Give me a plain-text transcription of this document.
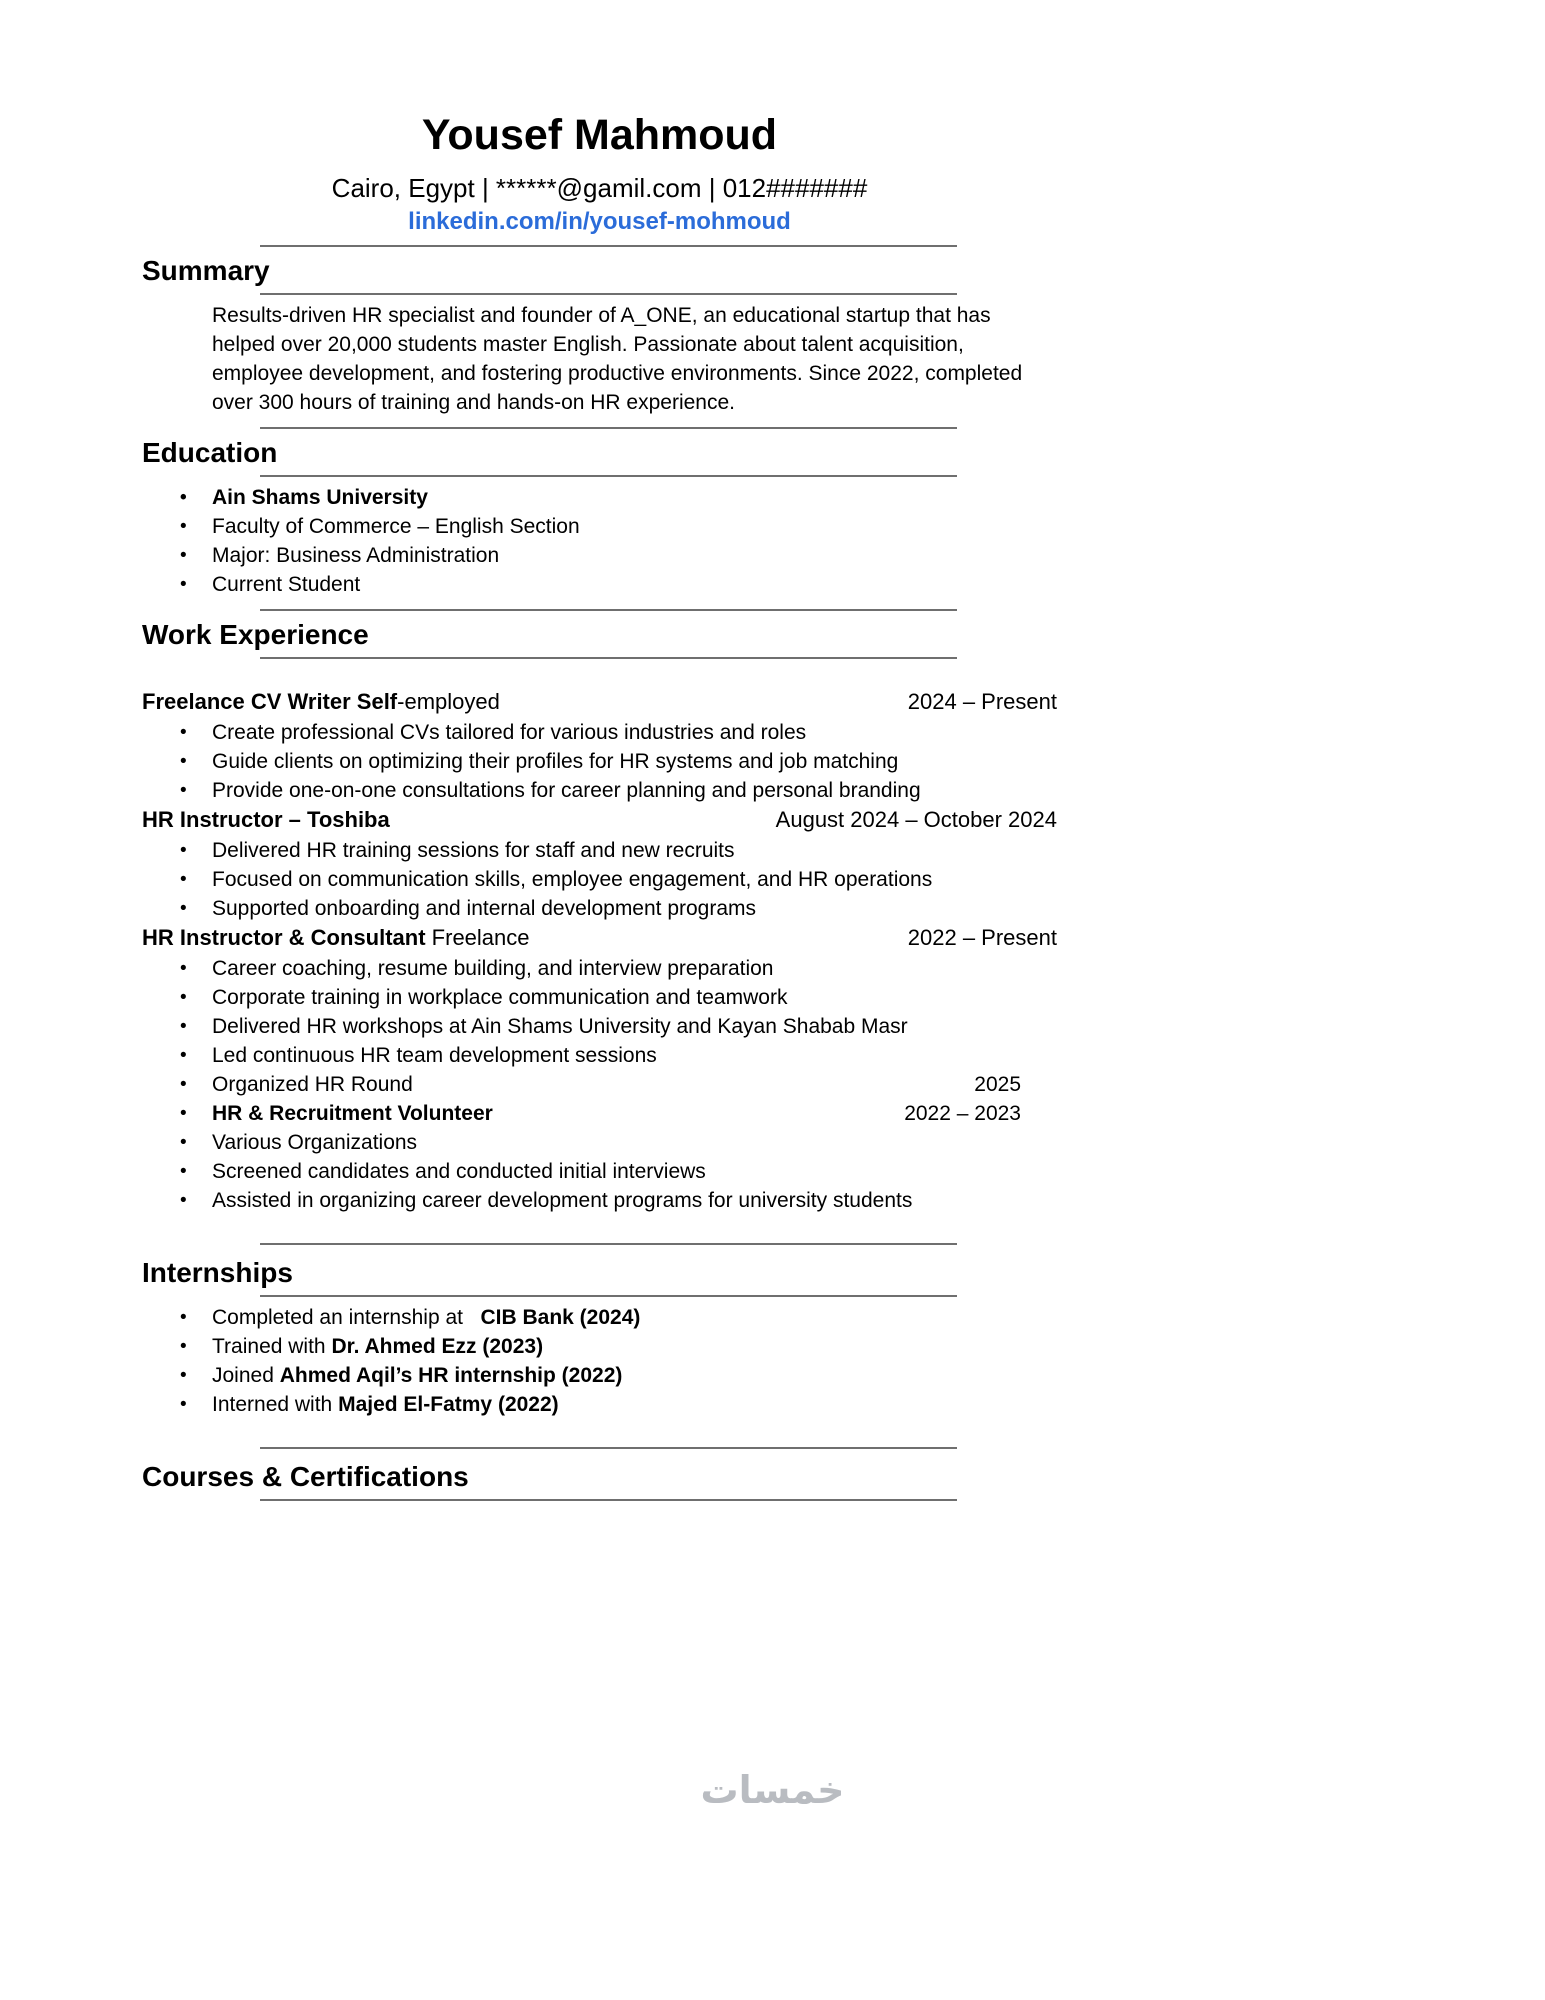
Yousef Mahmoud
Cairo, Egypt | ******@gamil.com | 012#######
linkedin.com/in/yousef-mohmoud
Summary

Results-driven HR specialist and founder of A_ONE, an educational startup that has helped over 20,000 students master English. Passionate about talent acquisition, employee development, and fostering productive environments. Since 2022, completed over 300 hours of training and hands-on HR experience.

Education
• Ain Shams University
• Faculty of Commerce – English Section
• Major: Business Administration
• Current Student
Work Experience
Freelance CV Writer Self-employed	2024 – Present
• Create professional CVs tailored for various industries and roles
• Guide clients on optimizing their profiles for HR systems and job matching
• Provide one-on-one consultations for career planning and personal branding
HR Instructor – Toshiba	August 2024 – October 2024
• Delivered HR training sessions for staff and new recruits
• Focused on communication skills, employee engagement, and HR operations
• Supported onboarding and internal development programs
HR Instructor & Consultant Freelance	2022 – Present
• Career coaching, resume building, and interview preparation
• Corporate training in workplace communication and teamwork
• Delivered HR workshops at Ain Shams University and Kayan Shabab Masr
• Led continuous HR team development sessions
• Organized HR Round	2025
• HR & Recruitment Volunteer	2022 – 2023
• Various Organizations
• Screened candidates and conducted initial interviews
• Assisted in organizing career development programs for university students
Internships
• Completed an internship at   CIB Bank (2024)
• Trained with Dr. Ahmed Ezz (2023)
• Joined Ahmed Aqil’s HR internship (2022)
• Interned with Majed El-Fatmy (2022)
Courses & Certifications
خمسات
